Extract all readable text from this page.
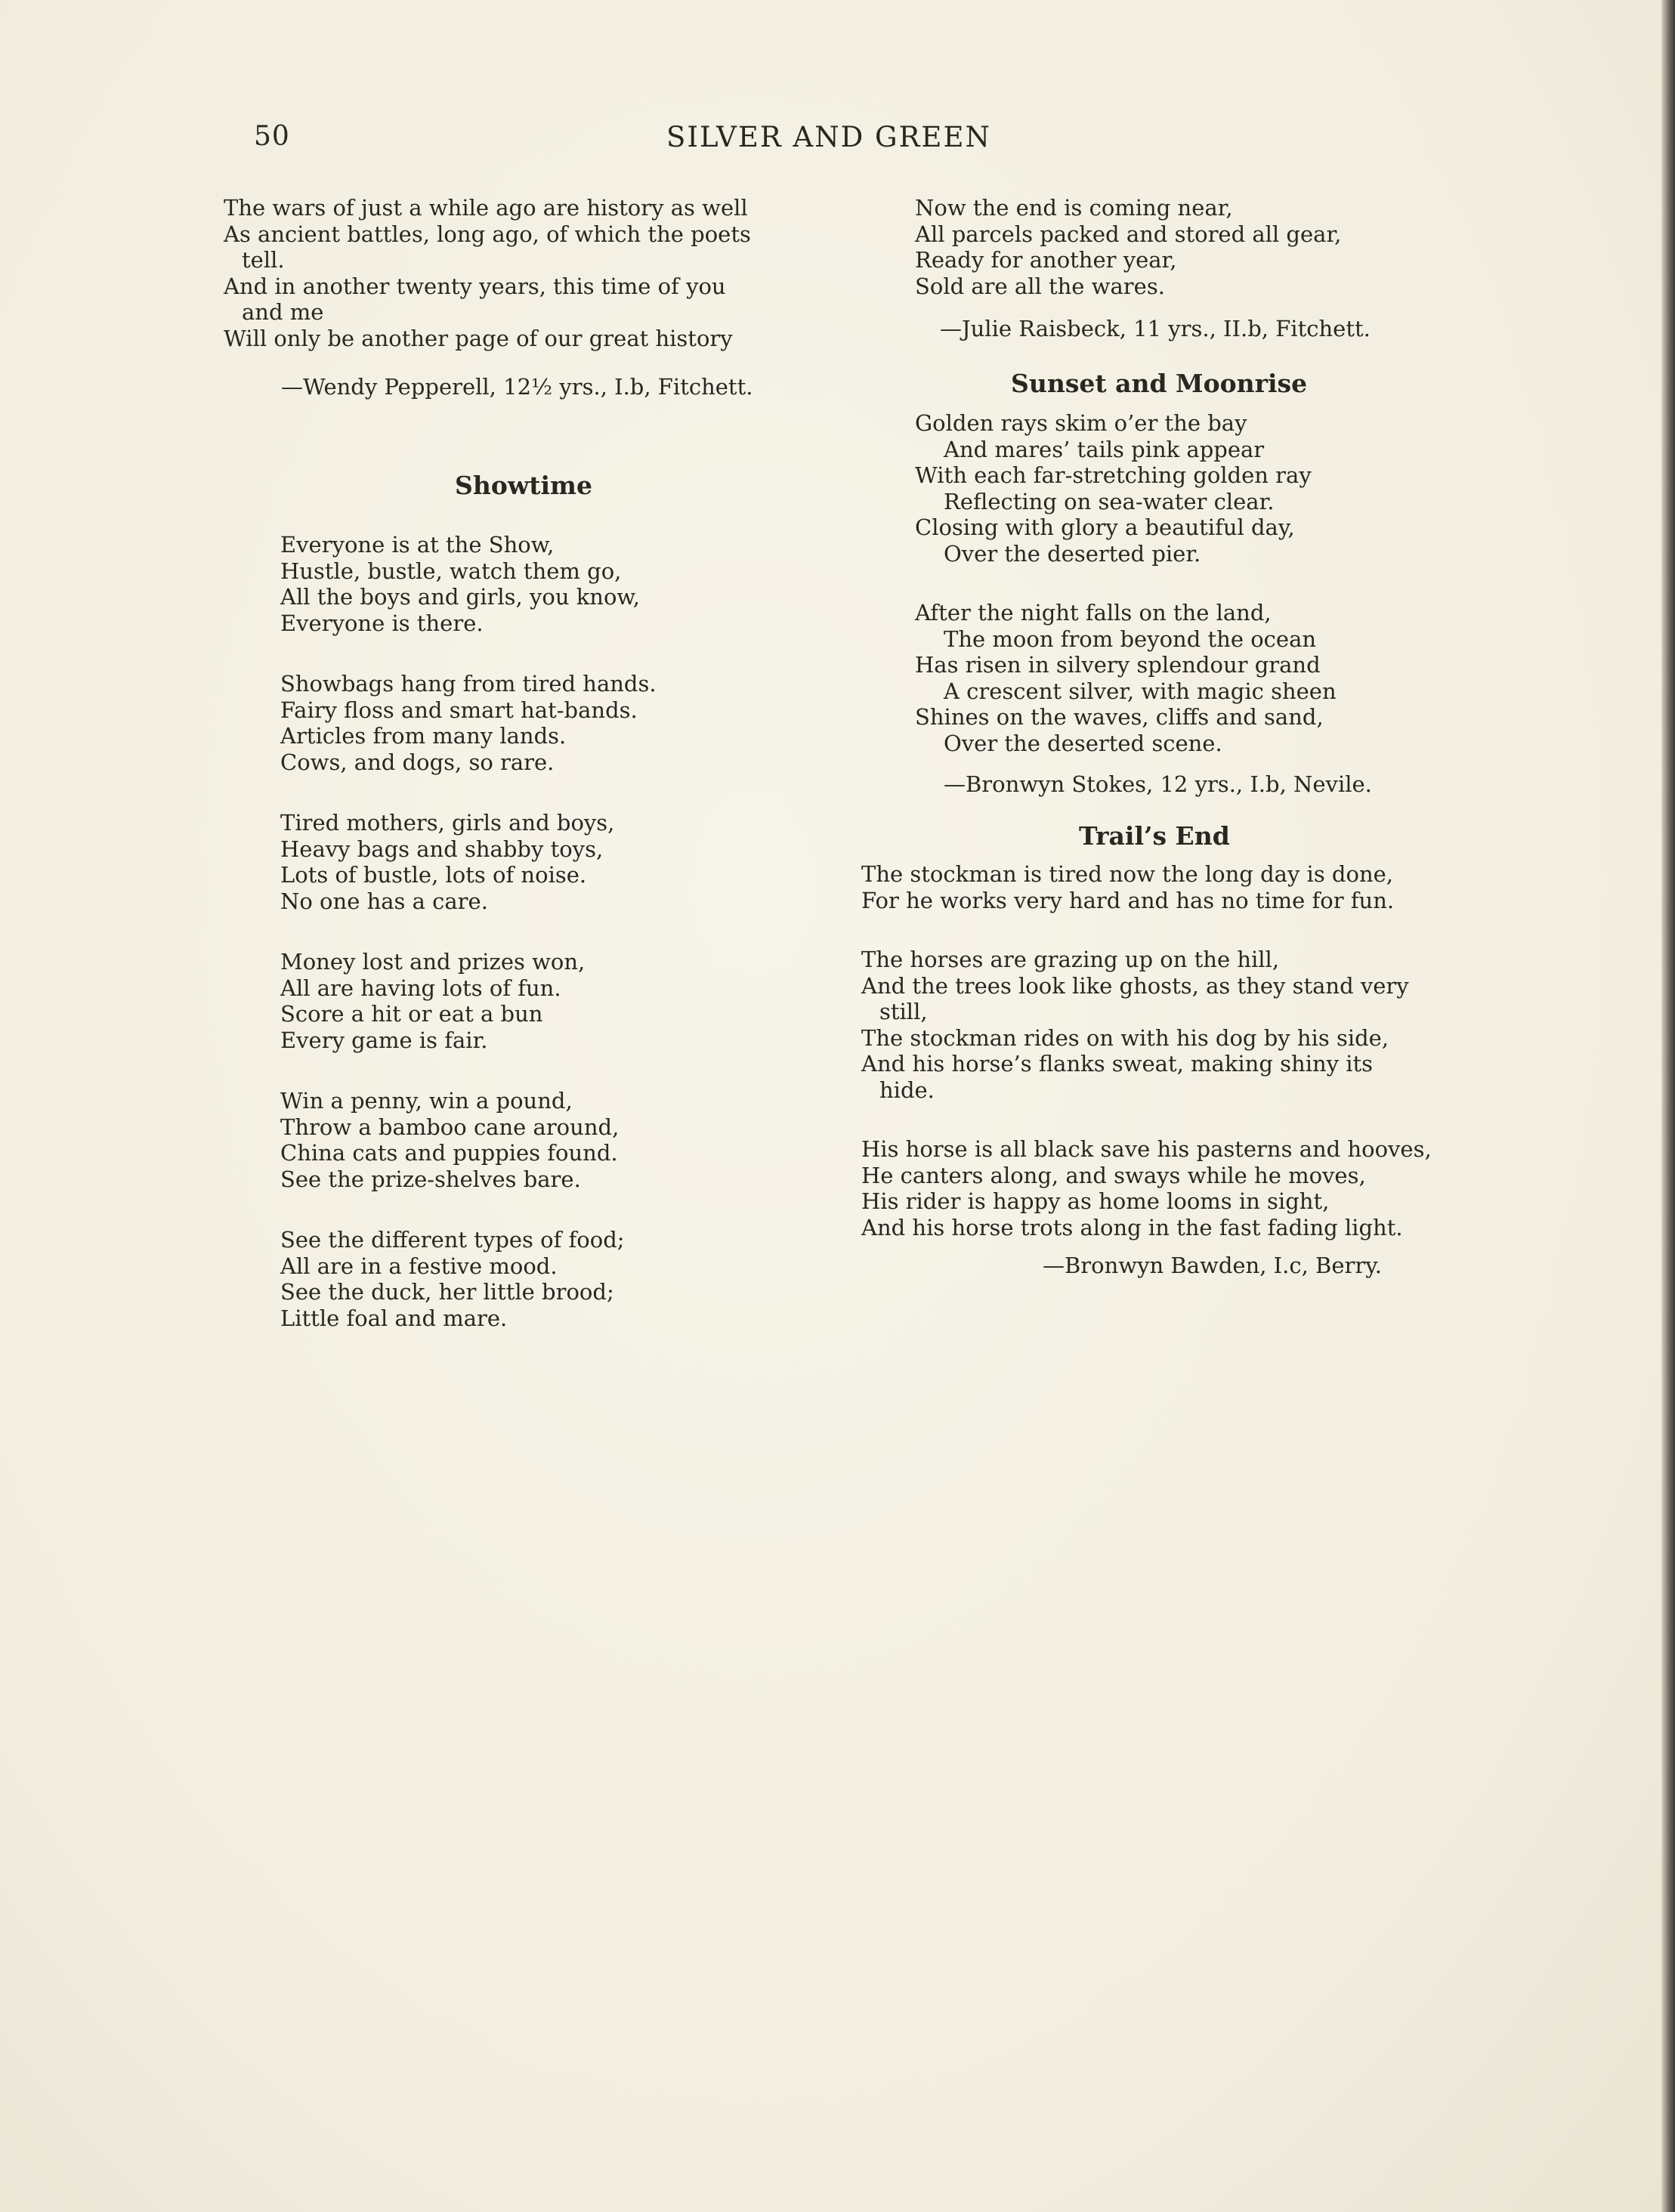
50	SILVER AND GREEN
The wars of just a while ago are history as well
As ancient battles, long ago, of which the poets
tell.
And in another twenty years, this time of you
and me
Will only be another page of our great history
—Wendy Pepperell, 12½ yrs., I.b, Fitchett.
Showtime
Everyone is at the Show,
Hustle, bustle, watch them go,
All the boys and girls, you know,
Everyone is there.
Showbags hang from tired hands.
Fairy floss and smart hat-bands.
Articles from many lands.
Cows, and dogs, so rare.
Tired mothers, girls and boys,
Heavy bags and shabby toys,
Lots of bustle, lots of noise.
No one has a care.
Money lost and prizes won,
All are having lots of fun.
Score a hit or eat a bun
Every game is fair.
Win a penny, win a pound,
Throw a bamboo cane around,
China cats and puppies found.
See the prize-shelves bare.
See the different types of food;
All are in a festive mood.
See the duck, her little brood;
Little foal and mare.
Now the end is coming near,
All parcels packed and stored all gear,
Ready for another year,
Sold are all the wares.
—Julie Raisbeck, 11 yrs., II.b, Fitchett.
Sunset and Moonrise
Golden rays skim o’er the bay
And mares’ tails pink appear
With each far-stretching golden ray
Reflecting on sea-water clear.
Closing with glory a beautiful day,
Over the deserted pier.
After the night falls on the land,
The moon from beyond the ocean
Has risen in silvery splendour grand
A crescent silver, with magic sheen
Shines on the waves, cliffs and sand,
Over the deserted scene.
—Bronwyn Stokes, 12 yrs., I.b, Nevile.
Trail’s End
The stockman is tired now the long day is done,
For he works very hard and has no time for fun.
The horses are grazing up on the hill,
And the trees look like ghosts, as they stand very
still,
The stockman rides on with his dog by his side,
And his horse’s flanks sweat, making shiny its
hide.
His horse is all black save his pasterns and hooves,
He canters along, and sways while he moves,
His rider is happy as home looms in sight,
And his horse trots along in the fast fading light.
—Bronwyn Bawden, I.c, Berry.
